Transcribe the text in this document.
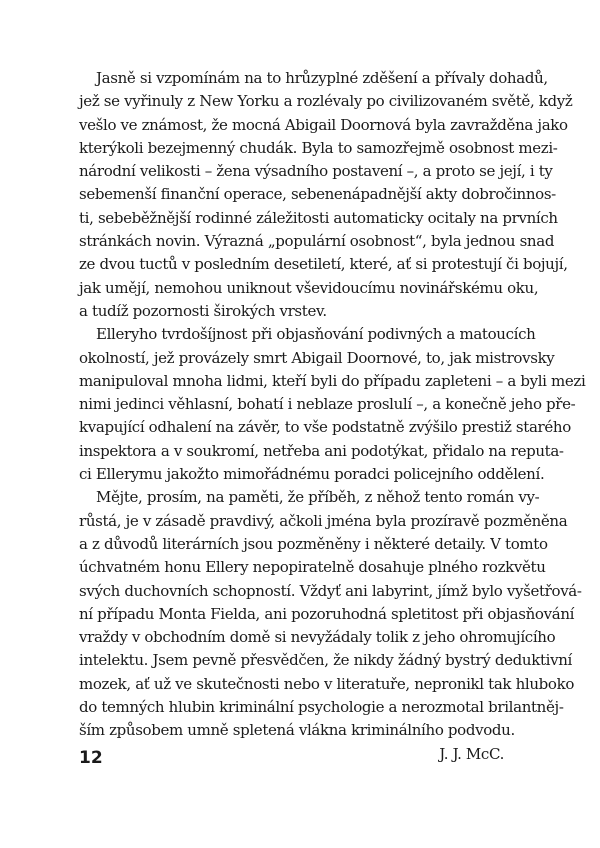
Jasně si vzpomínám na to hrůzyplné zděšení a přívaly dohadů,
jež se vyřinuly z New Yorku a rozlévaly po civilizovaném světě, když
vešlo ve známost, že mocná Abigail Doornová byla zavražděna jako
kterýkoli bezejmenný chudák. Byla to samozřejmě osobnost mezi-
národní velikosti – žena výsadního postavení –, a proto se její, i ty
sebemenší finanční operace, sebenenápadnější akty dobročinnos-
ti, sebeběžnější rodinné záležitosti automaticky ocitaly na prvních
stránkách novin. Výrazná „populární osobnost“, byla jednou snad
ze dvou tuctů v posledním desetiletí, které, ať si protestují či bojují,
jak umějí, nemohou uniknout vševidoucímu novinářskému oku,
a tudíž pozornosti širokých vrstev.
Elleryho tvrdošíjnost při objasňování podivných a matoucích
okolností, jež provázely smrt Abigail Doornové, to, jak mistrovsky
manipuloval mnoha lidmi, kteří byli do případu zapleteni – a byli mezi
nimi jedinci věhlasní, bohatí i neblaze proslulí –, a konečně jeho pře-
kvapující odhalení na závěr, to vše podstatně zvýšilo prestiž starého
inspektora a v soukromí, netřeba ani podotýkat, přidalo na reputa-
ci Ellerymu jakožto mimořádnému poradci policejního oddělení.
Mějte, prosím, na paměti, že příběh, z něhož tento román vy-
růstá, je v zásadě pravdivý, ačkoli jména byla prozíravě pozměněna
a z důvodů literárních jsou pozměněny i některé detaily. V tomto
úchvatném honu Ellery nepopiratelně dosahuje plného rozkvětu
svých duchovních schopností. Vždyť ani labyrint, jímž bylo vyšetřová-
ní případu Monta Fielda, ani pozoruhodná spletitost při objasňování
vraždy v obchodním domě si nevyžádaly tolik z jeho ohromujícího
intelektu. Jsem pevně přesvědčen, že nikdy žádný bystrý deduktivní
mozek, ať už ve skutečnosti nebo v literatuře, nepronikl tak hluboko
do temných hlubin kriminální psychologie a nerozmotal brilantněj-
ším způsobem umně spletená vlákna kriminálního podvodu.
J. J. McC.
12
